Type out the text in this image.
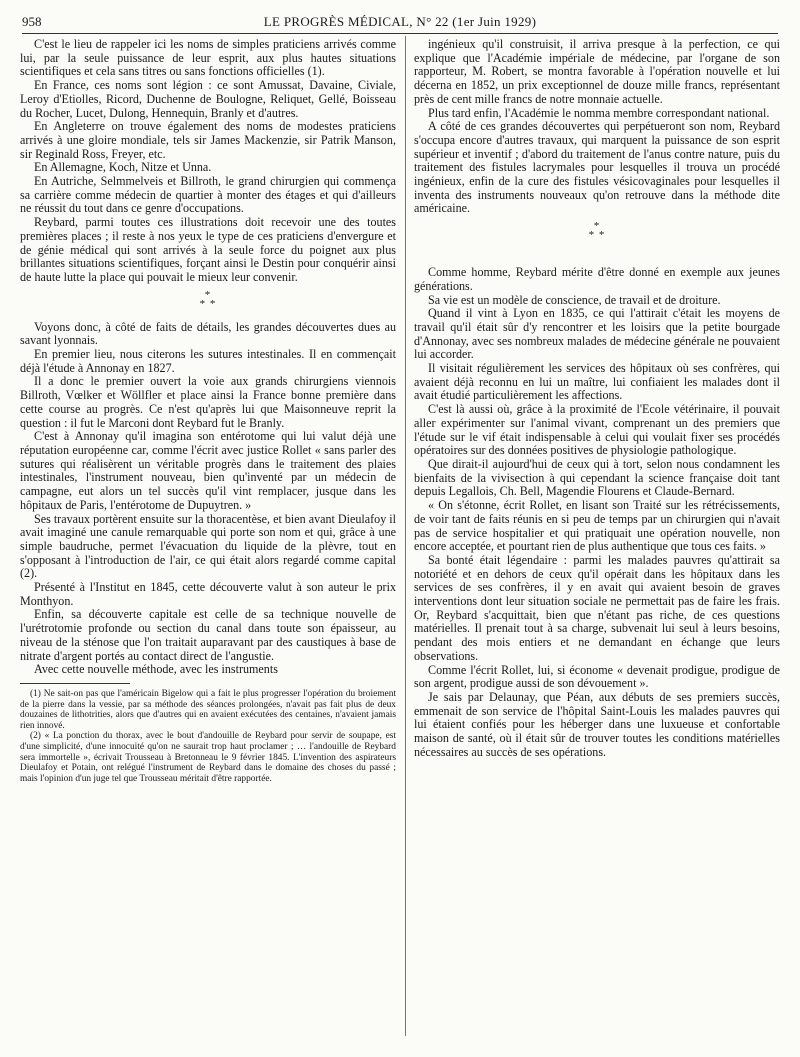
958	LE PROGRÈS MÉDICAL, N° 22 (1er Juin 1929)

C'est le lieu de rappeler ici les noms de simples praticiens arrivés comme lui, par la seule puissance de leur esprit, aux plus hautes situations scientifiques et cela sans titres ou sans fonctions officielles (1).

En France, ces noms sont légion : ce sont Amussat, Davaine, Civiale, Leroy d'Etiolles, Ricord, Duchenne de Boulogne, Reliquet, Gellé, Boisseau du Rocher, Lucet, Dulong, Hennequin, Branly et d'autres.

En Angleterre on trouve également des noms de modestes praticiens arrivés à une gloire mondiale, tels sir James Mackenzie, sir Patrik Manson, sir Reginald Ross, Freyer, etc.

En Allemagne, Koch, Nitze et Unna.

En Autriche, Selmmelveis et Billroth, le grand chirurgien qui commença sa carrière comme médecin de quartier à monter des étages et qui d'ailleurs ne réussit du tout dans ce genre d'occupations.

Reybard, parmi toutes ces illustrations doit recevoir une des toutes premières places ; il reste à nos yeux le type de ces praticiens d'envergure et de génie médical qui sont arrivés à la seule force du poignet aux plus brillantes situations scientifiques, forçant ainsi le Destin pour conquérir ainsi de haute lutte la place qui pouvait le mieux leur convenir.

*
* *

Voyons donc, à côté de faits de détails, les grandes découvertes dues au savant lyonnais.

En premier lieu, nous citerons les sutures intestinales. Il en commençait déjà l'étude à Annonay en 1827.

Il a donc le premier ouvert la voie aux grands chirurgiens viennois Billroth, Vœlker et Wöllfler et place ainsi la France bonne première dans cette course au progrès. Ce n'est qu'après lui que Maisonneuve reprit la question : il fut le Marconi dont Reybard fut le Branly.

C'est à Annonay qu'il imagina son entérotome qui lui valut déjà une réputation européenne car, comme l'écrit avec justice Rollet « sans parler des sutures qui réalisèrent un véritable progrès dans le traitement des plaies intestinales, l'instrument nouveau, bien qu'inventé par un médecin de campagne, eut alors un tel succès qu'il vint remplacer, jusque dans les hôpitaux de Paris, l'entérotome de Dupuytren. »

Ses travaux portèrent ensuite sur la thoracentèse, et bien avant Dieulafoy il avait imaginé une canule remarquable qui porte son nom et qui, grâce à une simple baudruche, permet l'évacuation du liquide de la plèvre, tout en s'opposant à l'introduction de l'air, ce qui était alors regardé comme capital (2).

Présenté à l'Institut en 1845, cette découverte valut à son auteur le prix Monthyon.

Enfin, sa découverte capitale est celle de sa technique nouvelle de l'urétrotomie profonde ou section du canal dans toute son épaisseur, au niveau de la sténose que l'on traitait auparavant par des caustiques à base de nitrate d'argent portés au contact direct de l'angustie.

Avec cette nouvelle méthode, avec les instruments

(1) Ne sait-on pas que l'américain Bigelow qui a fait le plus progresser l'opération du broiement de la pierre dans la vessie, par sa méthode des séances prolongées, n'avait pas fait plus de deux douzaines de lithotrities, alors que d'autres qui en avaient exécutées des centaines, n'avaient jamais rien innové.

(2) « La ponction du thorax, avec le bout d'andouille de Reybard pour servir de soupape, est d'une simplicité, d'une innocuité qu'on ne saurait trop haut proclamer ; … l'andouille de Reybard sera immortelle », écrivait Trousseau à Bretonneau le 9 février 1845. L'invention des aspirateurs Dieulafoy et Potain, ont relégué l'instrument de Reybard dans le domaine des choses du passé ; mais l'opinion d'un juge tel que Trousseau méritait d'être rapportée.

ingénieux qu'il construisit, il arriva presque à la perfection, ce qui explique que l'Académie impériale de médecine, par l'organe de son rapporteur, M. Robert, se montra favorable à l'opération nouvelle et lui décerna en 1852, un prix exceptionnel de douze mille francs, représentant près de cent mille francs de notre monnaie actuelle.

Plus tard enfin, l'Académie le nomma membre correspondant national.

A côté de ces grandes découvertes qui perpétueront son nom, Reybard s'occupa encore d'autres travaux, qui marquent la puissance de son esprit supérieur et inventif ; d'abord du traitement de l'anus contre nature, puis du traitement des fistules lacrymales pour lesquelles il trouva un procédé ingénieux, enfin de la cure des fistules vésicovaginales pour lesquelles il inventa des instruments nouveaux qu'on retrouve dans la méthode dite américaine.

*
* *

Comme homme, Reybard mérite d'être donné en exemple aux jeunes générations.

Sa vie est un modèle de conscience, de travail et de droiture.

Quand il vint à Lyon en 1835, ce qui l'attirait c'était les moyens de travail qu'il était sûr d'y rencontrer et les loisirs que la petite bourgade d'Annonay, avec ses nombreux malades de médecine générale ne pouvaient lui accorder.

Il visitait régulièrement les services des hôpitaux où ses confrères, qui avaient déjà reconnu en lui un maître, lui confiaient les malades dont il avait étudié particulièrement les affections.

C'est là aussi où, grâce à la proximité de l'Ecole vétérinaire, il pouvait aller expérimenter sur l'animal vivant, comprenant un des premiers que l'étude sur le vif était indispensable à celui qui voulait fixer ses procédés opératoires sur des données positives de physiologie pathologique.

Que dirait-il aujourd'hui de ceux qui à tort, selon nous condamnent les bienfaits de la vivisection à qui cependant la science française doit tant depuis Legallois, Ch. Bell, Magendie Flourens et Claude-Bernard.

« On s'étonne, écrit Rollet, en lisant son Traité sur les rétrécissements, de voir tant de faits réunis en si peu de temps par un chirurgien qui n'avait pas de service hospitalier et qui pratiquait une opération nouvelle, non encore acceptée, et pourtant rien de plus authentique que tous ces faits. »

Sa bonté était légendaire : parmi les malades pauvres qu'attirait sa notoriété et en dehors de ceux qu'il opérait dans les hôpitaux dans les services de ses confrères, il y en avait qui avaient besoin de graves interventions dont leur situation sociale ne permettait pas de faire les frais. Or, Reybard s'acquittait, bien que n'étant pas riche, de ces questions matérielles. Il prenait tout à sa charge, subvenait lui seul à leurs besoins, pendant des mois entiers et ne demandant en échange que leurs observations.

Comme l'écrit Rollet, lui, si économe « devenait prodigue, prodigue de son argent, prodigue aussi de son dévouement ».

Je sais par Delaunay, que Péan, aux débuts de ses premiers succès, emmenait de son service de l'hôpital Saint-Louis les malades pauvres qui lui étaient confiés pour les héberger dans une luxueuse et confortable maison de santé, où il était sûr de trouver toutes les conditions matérielles nécessaires au succès de ses opérations.
